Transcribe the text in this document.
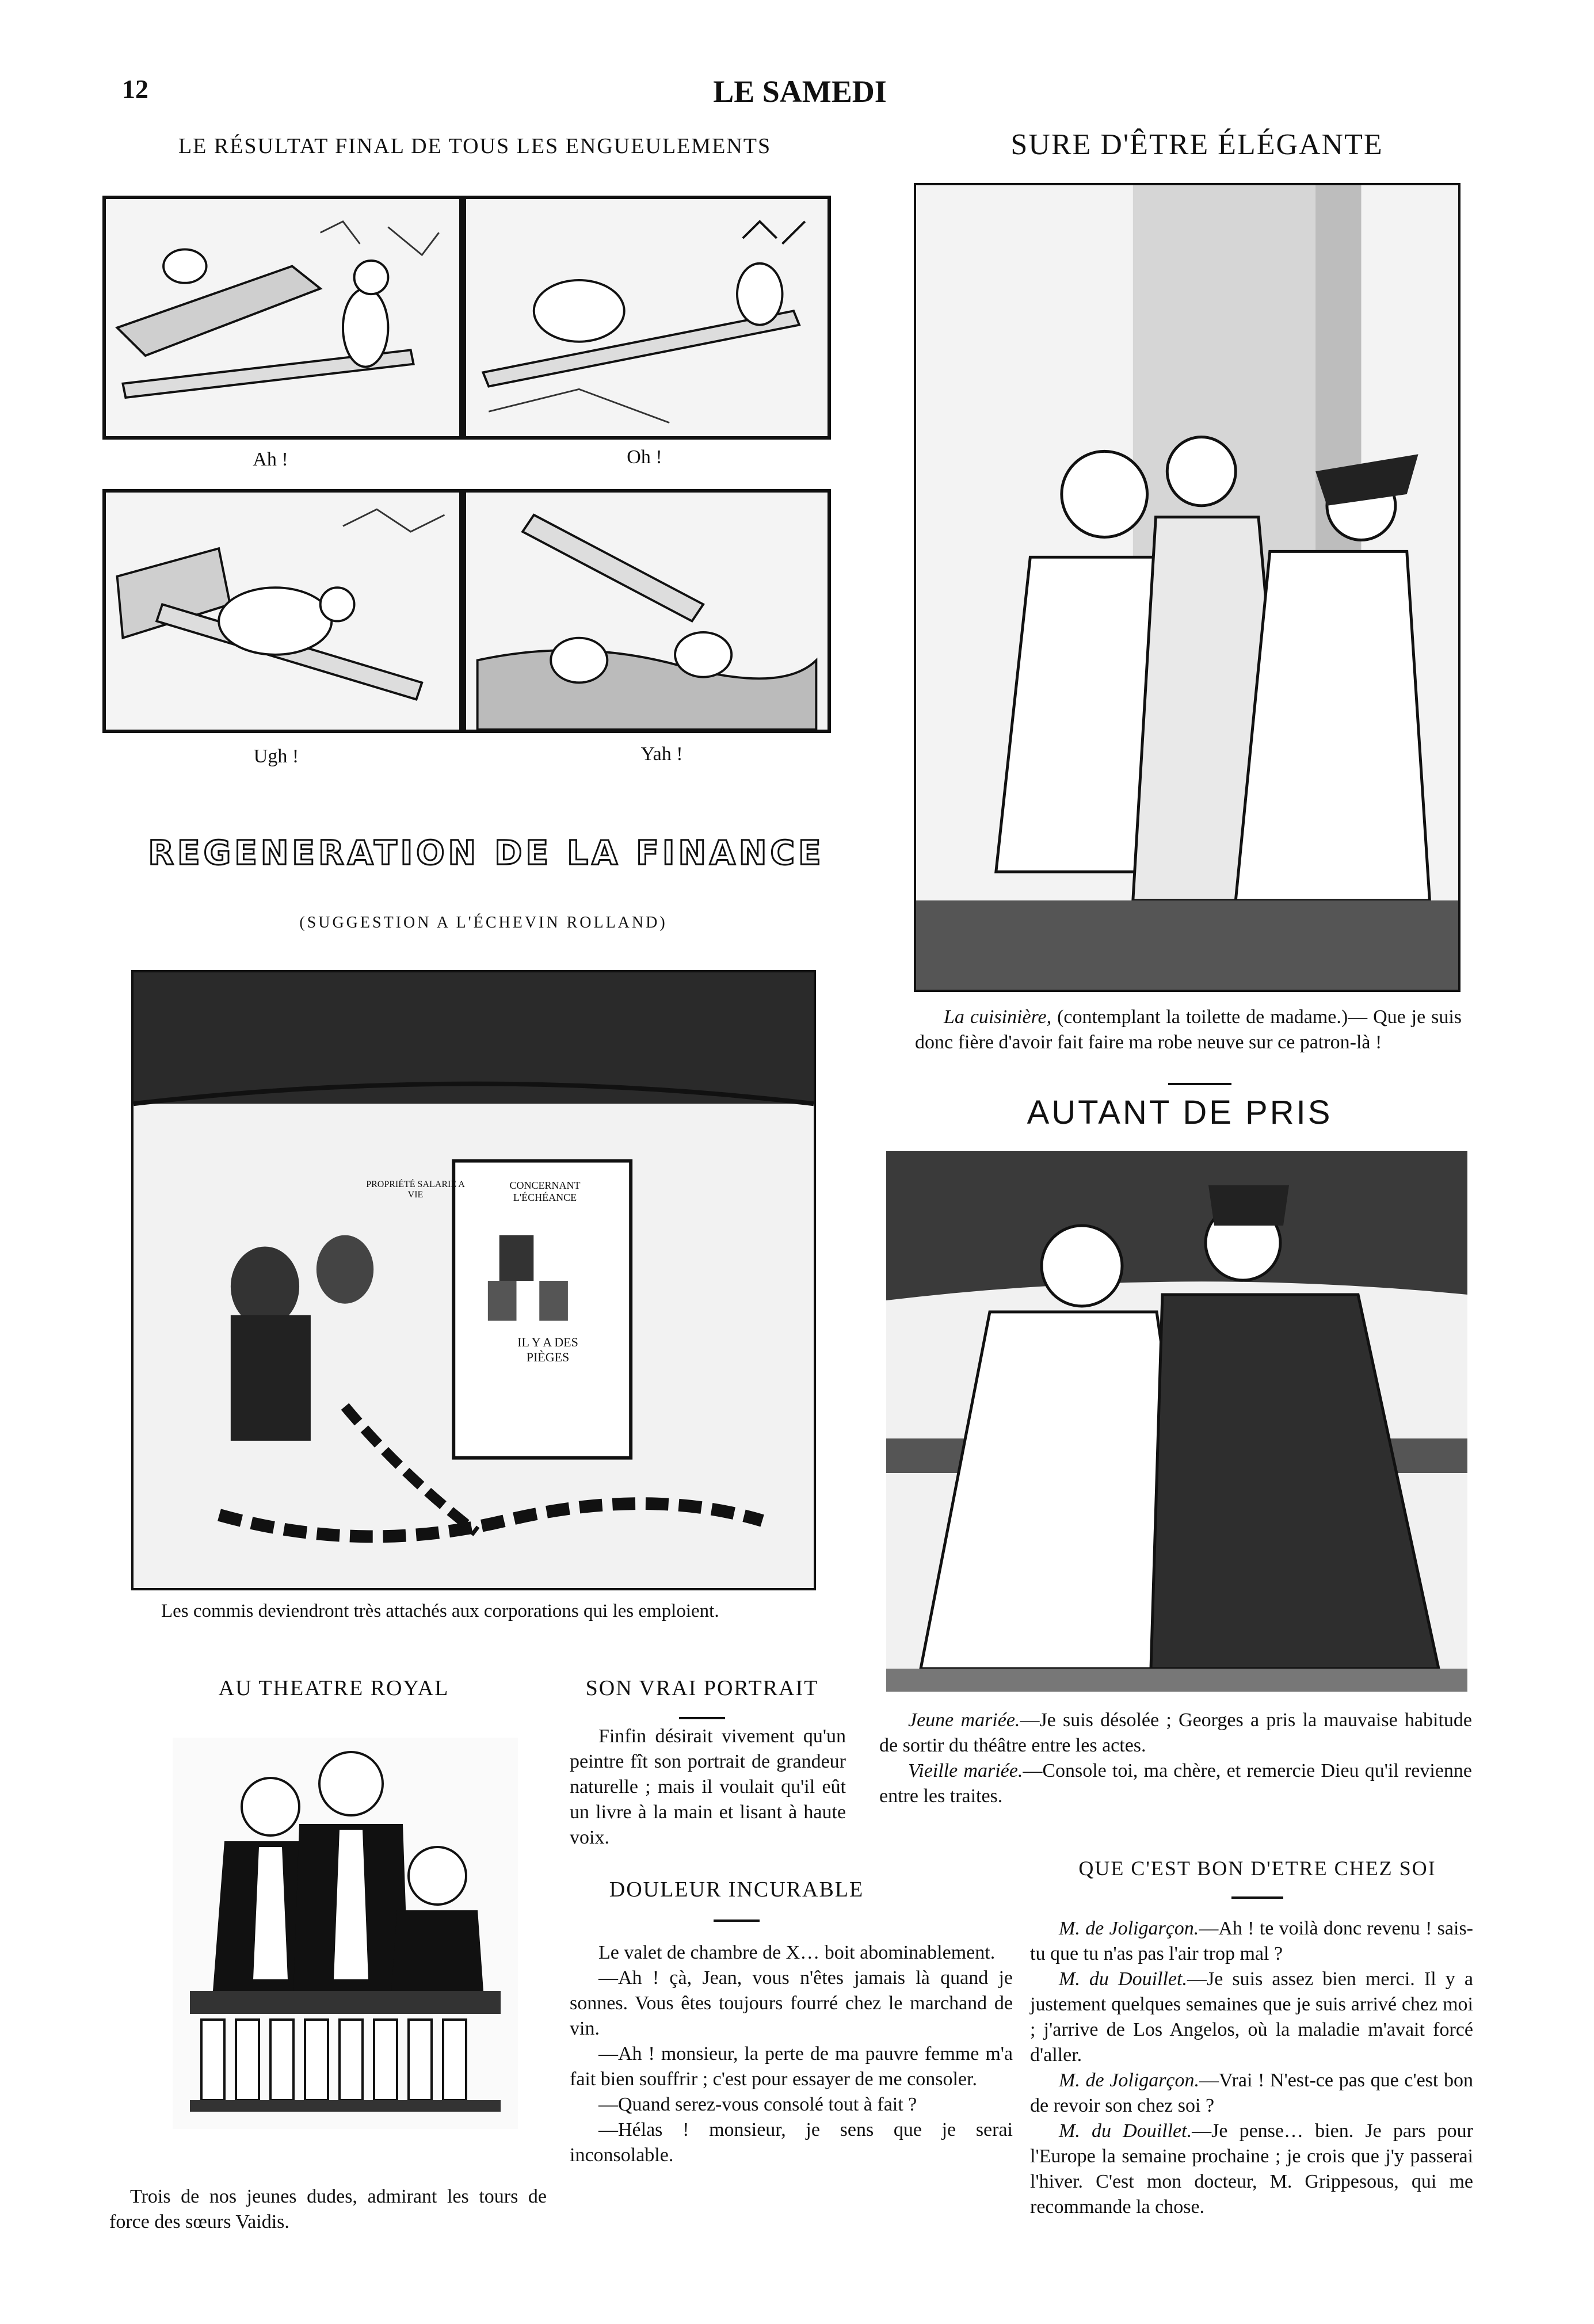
12	LE SAMEDI
LE RÉSULTAT FINAL DE TOUS LES ENGUEULEMENTS
Ah !	Oh !
Ugh !	Yah !
REGENERATION DE LA FINANCE
(SUGGESTION A L'ÉCHEVIN ROLLAND)
PROPRIÉTÉ SALARIÉ A VIE
CONCERNANT L'ÉCHÉANCE
IL Y A DES PIÈGES
Les commis deviendront très attachés aux corporations qui les emploient.
AU THEATRE ROYAL

Trois de nos jeunes dudes, admirant les tours de force des sœurs Vaidis.

SON VRAI PORTRAIT

Finfin désirait vivement qu'un peintre fît son portrait de grandeur naturelle ; mais il voulait qu'il eût un livre à la main et lisant à haute voix.

DOULEUR INCURABLE

Le valet de chambre de X… boit abominablement.

—Ah ! çà, Jean, vous n'êtes jamais là quand je sonnes. Vous êtes toujours fourré chez le marchand de vin.

—Ah ! monsieur, la perte de ma pauvre femme m'a fait bien souffrir ; c'est pour essayer de me consoler.

—Quand serez-vous consolé tout à fait ?

—Hélas ! monsieur, je sens que je serai inconsolable.

SURE D'ÊTRE ÉLÉGANTE

La cuisinière, (contemplant la toilette de madame.)— Que je suis donc fière d'avoir fait faire ma robe neuve sur ce patron-là !

AUTANT DE PRIS

Jeune mariée.—Je suis désolée ; Georges a pris la mauvaise habitude de sortir du théâtre entre les actes.

Vieille mariée.—Console toi, ma chère, et remercie Dieu qu'il revienne entre les traites.

QUE C'EST BON D'ETRE CHEZ SOI

M. de Joligarçon.—Ah ! te voilà donc revenu ! sais-tu que tu n'as pas l'air trop mal ?

M. du Douillet.—Je suis assez bien merci. Il y a justement quelques semaines que je suis arrivé chez moi ; j'arrive de Los Angelos, où la maladie m'avait forcé d'aller.

M. de Joligarçon.—Vrai ! N'est-ce pas que c'est bon de revoir son chez soi ?

M. du Douillet.—Je pense… bien. Je pars pour l'Europe la semaine prochaine ; je crois que j'y passerai l'hiver. C'est mon docteur, M. Grippesous, qui me recommande la chose.
